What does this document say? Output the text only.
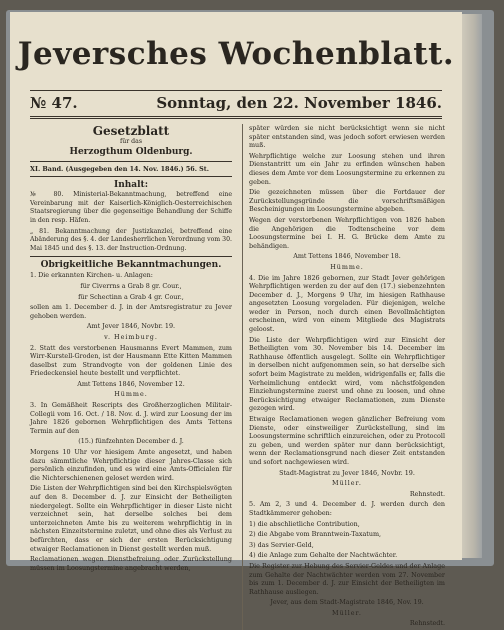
Jeversches Wochenblatt.
№ 47.	Sonntag, den 22. November 1846.
Gesetzblatt
für das
Herzogthum Oldenburg.

XI. Band. (Ausgegeben den 14. Nov. 1846.) 56. St.

Inhalt:

№ 80. Ministerial-Bekanntmachung, betreffend eine Vereinbarung mit der Kaiserlich-Königlich-Oesterreichischen Staatsregierung über die gegenseitige Behandlung der Schiffe in den resp. Häfen.

„ 81. Bekanntmachung der Justizkanzlei, betreffend eine Abänderung des §. 4. der Landesherrlichen Verordnung vom 30. Mai 1845 und des §. 13. der Instruction-Ordnung.

Obrigkeitliche Bekanntmachungen.

1. Die erkannten Kirchen- u. Anlagen:

für Civerrns a Grab 8 gr. Cour.,

für Schectinn a Grab 4 gr. Cour.,

sollen am 1. December d. J. in der Amtsregistratur zu Jever gehoben werden.

Amt Jever 1846, Novbr. 19.

v. Heimburg.

2. Statt des verstorbenen Hausmanns Evert Mammen, zum Wirr-Kurstell-Groden, ist der Hausmann Ette Kitten Mammen daselbst zum Strandvogte von der goldenen Linie des Friedeckensiel heute bestellt und verpflichtet.

Amt Tettens 1846, November 12.

Hümme.

3. In Gemäßheit Rescripts des Großherzoglichen Militair-Collegii vom 16. Oct. / 18. Nov. d. J. wird zur Loosung der im Jahre 1826 gebornen Wehrpflichtigen des Amts Tettens Termin auf den

(15.) fünfzehnten December d. J.

Morgens 10 Uhr vor hiesigem Amte angesetzt, und haben dazu sämmtliche Wehrpflichtige dieser Jahres-Classe sich persönlich einzufinden, und es wird eine Amts-Officialen für die Nichterschienenen geloset werden wird.

Die Listen der Wehrpflichtigen sind bei den Kirchspielsvögten auf den 8. December d. J. zur Einsicht der Betheiligten niedergelegt. Sollte ein Wehrpflichtiger in dieser Liste nicht verzeichnet sein, hat derselbe solches bei dem unterzeichneten Amte bis zu weiterem wehrpflichtig in in nächsten Einzeitstermine zuletzt, und ohne dies als Verlust zu befürchten, dass er sich der ersten Berücksichtigung etwaiger Reclamationen in Dienst gestellt werden muß.

Reclamationen wegen Dienstbefreiung oder Zurückstellung müssen im Loosungstermine angebracht werden,

später würden sie nicht berücksichtigt wenn sie nicht später entstanden sind, was jedoch sofort erwiesen werden muß.

Wehrpflichtige welche zur Loosung stehen und ihren Dienstantritt um ein Jahr zu erfinden wünschen haben dieses dem Amte vor dem Loosungstermine zu erkennen zu geben.

Die gezeichneten müssen über die Fortdauer der Zurückstellungsgründe die vorschriftsmäßigen Bescheinigungen im Loosungstermine abgeben.

Wegen der verstorbenen Wehrpflichtigen von 1826 haben die Angehörigen die Todtenscheine vor dem Loosungstermine bei I. H. G. Brücke dem Amte zu behändigen.

Amt Tettens 1846, November 18.

Hümme.

4. Die im Jahre 1826 gebornen, zur Stadt Jever gehörigen Wehrpflichtigen werden zu der auf den (17.) siebenzehnten December d. J., Morgens 9 Uhr, im hiesigen Rathhause angesetzten Loosung vorgeladen. Für diejenigen, welche weder in Person, noch durch einen Bevollmächtigten erscheinen, wird von einem Mitgliede des Magistrats geloost.

Die Liste der Wehrpflichtigen wird zur Einsicht der Betheiligten vom 30. November bis 14. December im Rathhause öffentlich ausgelegt. Sollte ein Wehrpflichtiger in derselben nicht aufgenommen sein, so hat derselbe sich sofort beim Magistrate zu melden, widrigenfalls er, falls die Verheimlichung entdeckt wird, vom nächstfolgenden Einziehungstermine zuerst und ohne zu loosen, und ohne Berücksichtigung etwaiger Reclamationen, zum Dienste gezogen wird.

Etwaige Reclamationen wegen gänzlicher Befreiung vom Dienste, oder einstweiliger Zurückstellung, sind im Loosungstermine schriftlich einzureichen, oder zu Protocoll zu geben, und werden später nur dann berücksichtigt, wenn der Reclamationsgrund nach dieser Zeit entstanden und sofort nachgewiesen wird.

Stadt-Magistrat zu Jever 1846, Novbr. 19.

Müller.

Rehnstedt.

5. Am 2, 3 und 4. December d. J. werden durch den Stadtkämmerer gehoben:

1) die abschlietliche Contribution,

2) die Abgabe vom Branntwein-Taxatum,

3) das Servier-Geld,

4) die Anlage zum Gehalte der Nachtwächter.

Die Register zur Hebung des Servier-Geldes und der Anlage zum Gehalte der Nachtwächter werden vom 27. November bis zum 1. December d. J. zur Einsicht der Betheiligten im Rathhause ausliegen.

Jever, aus dem Stadt-Magistrate 1846, Nov. 19.

Müller.

Rehnstedt.
